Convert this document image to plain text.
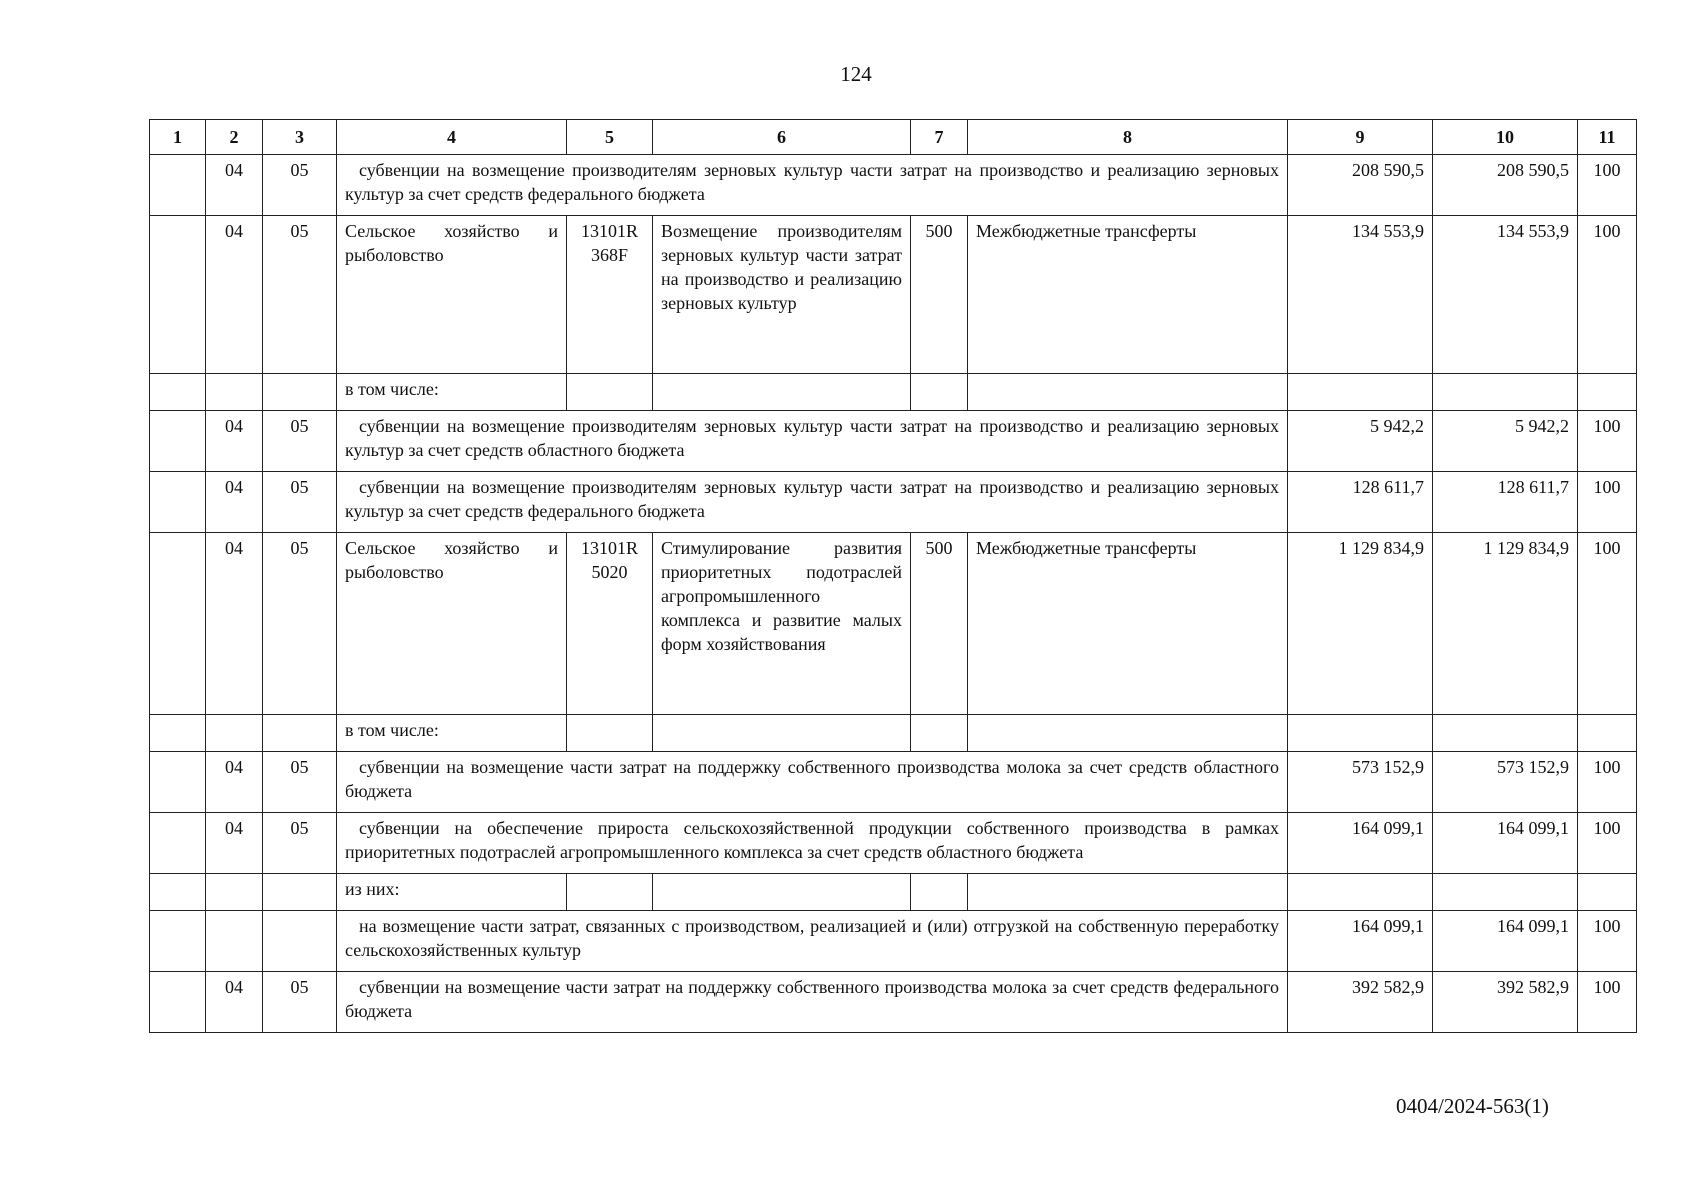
124
1	2	3	4	5	6	7	8	9	10	11
	04	05	субвенции на возмещение производителям зерновых культур части затрат на производство и реализацию зерновых культур за счет средств федерального бюджета					208 590,5	208 590,5	100
	04	05	Сельское хозяйство и рыболовство	13101R 368F	Возмещение производителям зерновых культур части затрат на производство и реализацию зерновых культур	500	Межбюджетные трансферты	134 553,9	134 553,9	100
			в том числе:							
	04	05	субвенции на возмещение производителям зерновых культур части затрат на производство и реализацию зерновых культур за счет средств областного бюджета					5 942,2	5 942,2	100
	04	05	субвенции на возмещение производителям зерновых культур части затрат на производство и реализацию зерновых культур за счет средств федерального бюджета					128 611,7	128 611,7	100
	04	05	Сельское хозяйство и рыболовство	13101R 5020	Стимулирование развития приоритетных подотраслей агропромышленного комплекса и развитие малых форм хозяйствования	500	Межбюджетные трансферты	1 129 834,9	1 129 834,9	100
			в том числе:							
	04	05	субвенции на возмещение части затрат на поддержку собственного производства молока за счет средств областного бюджета					573 152,9	573 152,9	100
	04	05	субвенции на обеспечение прироста сельскохозяйственной продукции собственного производства в рамках приоритетных подотраслей агропромышленного комплекса за счет средств областного бюджета					164 099,1	164 099,1	100
			из них:							
			на возмещение части затрат, связанных с производством, реализацией и (или) отгрузкой на собственную переработку сельскохозяйственных культур					164 099,1	164 099,1	100
	04	05	субвенции на возмещение части затрат на поддержку собственного производства молока за счет средств федерального бюджета					392 582,9	392 582,9	100
0404/2024-563(1)
